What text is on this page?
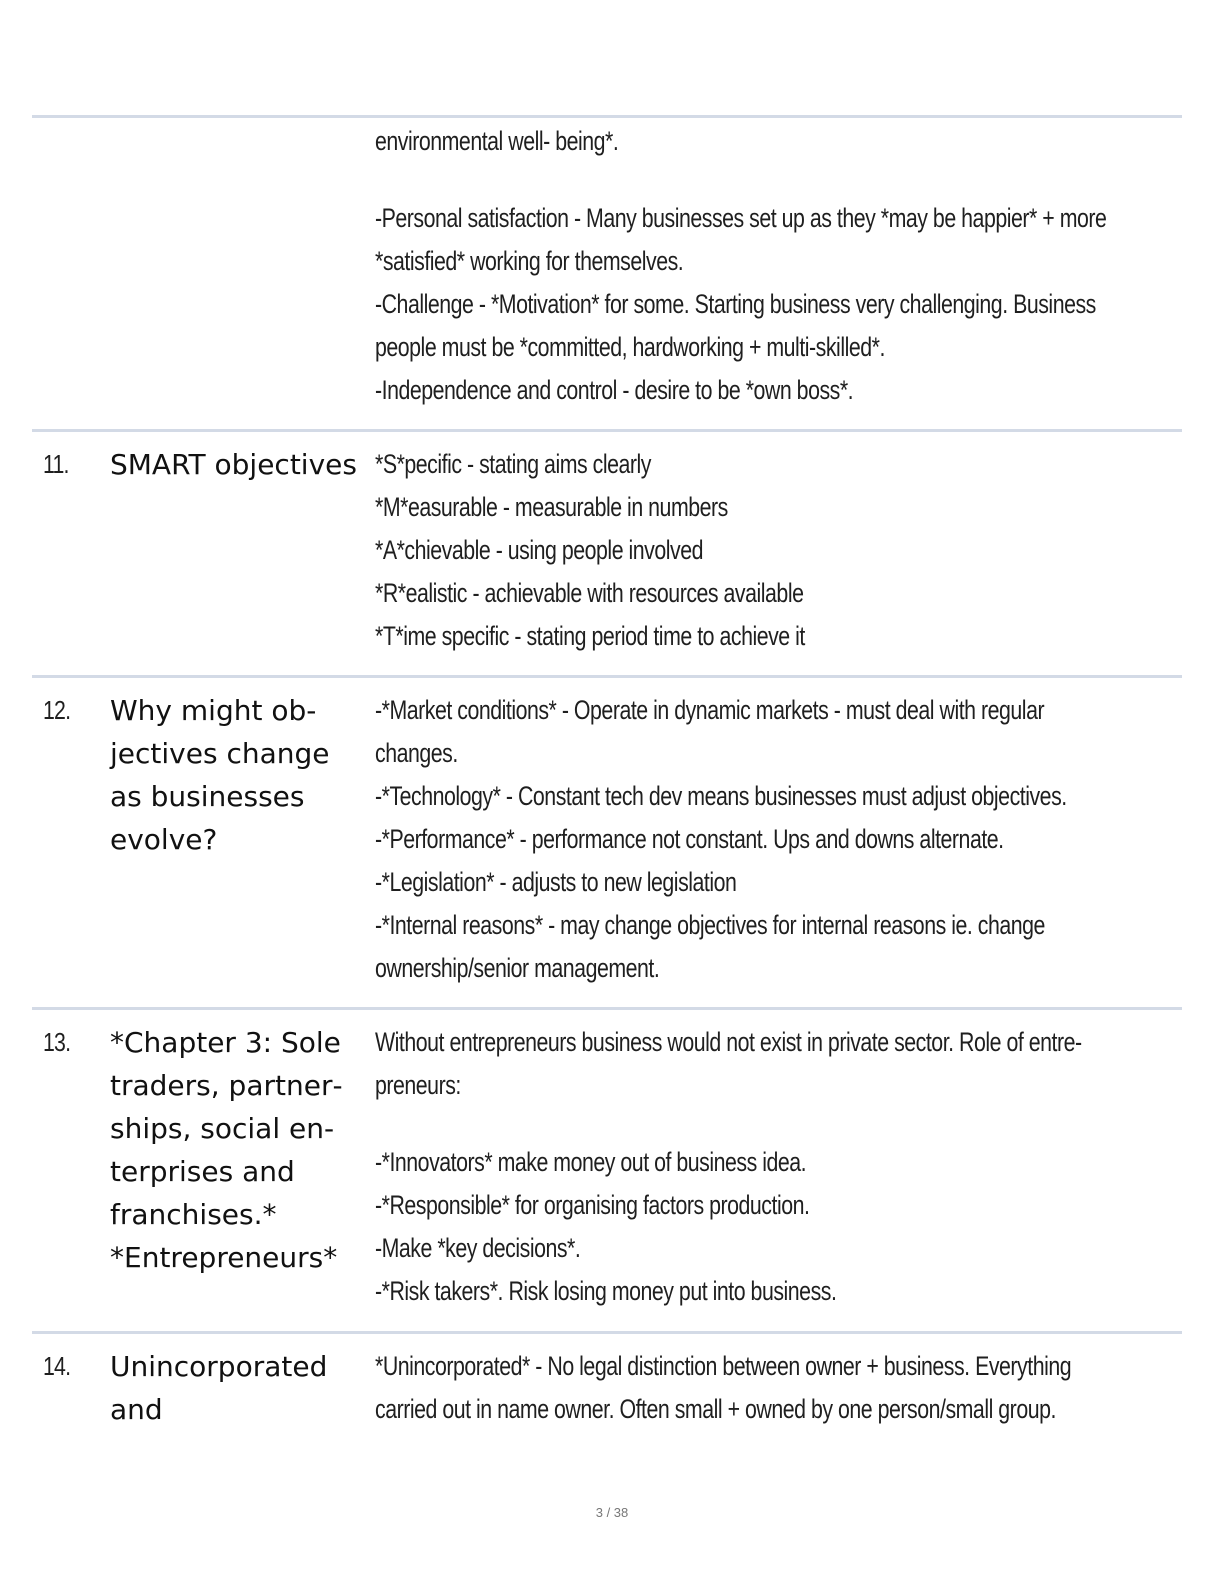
environmental well- being*.

-Personal satisfaction - Many businesses set up as they *may be happier* + more

*satisfied* working for themselves.

-Challenge - *Motivation* for some. Starting business very challenging. Business

people must be *committed, hardworking + multi-skilled*.

-Independence and control - desire to be *own boss*.

11. SMART objectives *S*pecific - stating aims clearly

*M*easurable - measurable in numbers

*A*chievable - using people involved

*R*ealistic - achievable with resources available

*T*ime specific - stating period time to achieve it

12. Why might objectives change as businesses evolve?

-*Market conditions* - Operate in dynamic markets - must deal with regular

changes.

-*Technology* - Constant tech dev means businesses must adjust objectives.

-*Performance* - performance not constant. Ups and downs alternate.

-*Legislation* - adjusts to new legislation

-*Internal reasons* - may change objectives for internal reasons ie. change

ownership/senior management.

13. *Chapter 3: Sole traders, partnerships, social enterprises and franchises.* *Entrepreneurs*

Without entrepreneurs business would not exist in private sector. Role of entre-

preneurs:

-*Innovators* make money out of business idea.

-*Responsible* for organising factors production.

-Make *key decisions*.

-*Risk takers*. Risk losing money put into business.

14. Unincorporated and

*Unincorporated* - No legal distinction between owner + business. Everything

carried out in name owner. Often small + owned by one person/small group.

3 / 38
